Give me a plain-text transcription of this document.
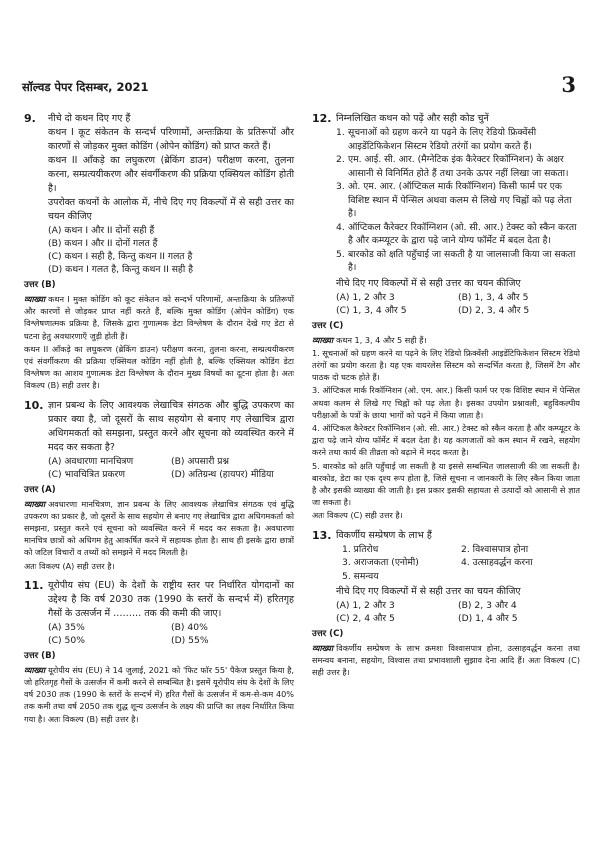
सॉल्वड पेपर दिसम्बर, 2021	3
9. नीचे दो कथन दिए गए हैं

कथन I कूट संकेतन के सन्दर्भ परिणामों, अन्तःक्रिया के प्रतिरूपों और कारणों से जोड़कर मुक्त कोडिंग (ओपेन कोडिंग) को प्राप्त करते हैं।

कथन II आँकड़े का लघुकरण (ब्रेकिंग डाउन) परीक्षण करना, तुलना करना, सम्प्रत्ययीकरण और संवर्गीकरण की प्रक्रिया एक्सियल कोडिंग होती है।

उपरोक्त कथनों के आलोक में, नीचे दिए गए विकल्पों में से सही उत्तर का चयन कीजिए

(A) कथन I और II दोनों सही हैं
(B) कथन I और II दोनों गलत हैं
(C) कथन I सही है, किन्तु कथन II गलत है
(D) कथन I गलत है, किन्तु कथन II सही है
उत्तर (B)

व्याख्या कथन I मुक्त कोडिंग को कूट संकेतन को सन्दर्भ परिणामों, अन्तःक्रिया के प्रतिरूपों और कारणों से जोड़कर प्राप्त नहीं करते हैं, बल्कि मुक्त कोडिंग (ओपेन कोडिंग) एक विश्लेषणात्मक प्रक्रिया है, जिसके द्वारा गुणात्मक डेटा विश्लेषण के दौरान देखे गए डेटा से घटना हेतु अवधारणाएँ जुड़ी होती हैं।

कथन II आँकड़े का लघुकरण (ब्रेकिंग डाउन) परीक्षण करना, तुलना करना, सम्प्रत्ययीकरण एवं संवर्गीकरण की प्रक्रिया एक्सियल कोडिंग नहीं होती है, बल्कि एक्सियल कोडिंग डेटा विश्लेषण का आशय गुणात्मक डेटा विश्लेषण के दौरान मुख्य विषयों का दूटना होता है। अतः विकल्प (B) सही उत्तर है।

10. ज्ञान प्रबन्ध के लिए आवश्यक लेखाचित्र संगठक और बुद्धि उपकरण का प्रकार क्या है, जो दूसरों के साथ सहयोग से बनाए गए लेखाचित्र द्वारा अधिगमकर्ता को समझना, प्रस्तुत करने और सूचना को व्यवस्थित करने में मदद कर सकता है?

(A) अवधारणा मानचित्रण	(B) अपसारी प्रश्न
(C) भावचित्रित प्रकरण	(D) अतिग्रन्थ (हायपर) मीडिया
उत्तर (A)

व्याख्या अवधारणा मानचित्रण, ज्ञान प्रबन्ध के लिए आवश्यक लेखाचित्र संगठक एवं बुद्धि उपकरण का प्रकार है, जो दूसरों के साथ सहयोग से बनाए गए लेखाचित्र द्वारा अधिगमकर्ता को समझना, प्रस्तुत करने एवं सूचना को व्यवस्थित करने में मदद कर सकता है। अवधारणा मानचित्र छात्रों को अधिगम हेतु आकर्षित करने में सहायक होता है। साथ ही इसके द्वारा छात्रों को जटिल विचारों व तथ्यों को समझने में मदद मिलती है।

अतः विकल्प (A) सही उत्तर है।

11. यूरोपीय संघ (EU) के देशों के राष्ट्रीय स्तर पर निर्धारित योगदानों का उद्देश्य है कि वर्ष 2030 तक (1990 के स्तरों के सन्दर्भ में) हरितगृह गैसों के उत्सर्जन में ……… तक की कमी की जाए।

(A) 35%	(B) 40%
(C) 50%	(D) 55%
उत्तर (B)

व्याख्या यूरोपीय संघ (EU) ने 14 जुलाई, 2021 को 'फिट फॉर 55' पैकेज प्रस्तुत किया है, जो हरितगृह गैसों के उत्सर्जन में कमी करने से सम्बन्धित है। इसमें यूरोपीय संघ के देशों के लिए वर्ष 2030 तक (1990 के स्तरों के सन्दर्भ में) हरित गैसों के उत्सर्जन में कम-से-कम 40% तक कमी तथा वर्ष 2050 तक शुद्ध शून्य उत्सर्जन के लक्ष्य की प्राप्ति का लक्ष्य निर्धारित किया गया है। अतः विकल्प (B) सही उत्तर है।

12. निम्नलिखित कथन को पढ़ें और सही कोड चुनें

1. सूचनाओं को ग्रहण करने या पढ़ने के लिए रेडियो फ्रिक्वेंसी आइडेंटिफिकेशन सिस्टम रेडियो तरंगों का प्रयोग करते हैं।
2. एम. आई. सी. आर. (मैग्नेटिक इंक कैरेक्टर रिकॉग्निशन) के अक्षर आसानी से विनिर्मित होते हैं तथा उनके ऊपर नहीं लिखा जा सकता।
3. ओ. एम. आर. (ऑप्टिकल मार्क रिकॉग्निशन) किसी फार्म पर एक विशिष्ट स्थान में पेन्सिल अथवा कलम से लिखे गए चिह्नों को पढ़ लेता है।
4. ऑप्टिकल कैरेक्टर रिकॉग्निशन (ओ. सी. आर.) टेक्स्ट को स्कैन करता है और कम्प्यूटर के द्वारा पढ़े जाने योग्य फॉर्मेट में बदल देता है।
5. बारकोड को क्षति पहुँचाई जा सकती है या जालसाजी किया जा सकता है।

नीचे दिए गए विकल्पों में से सही उत्तर का चयन कीजिए

(A) 1, 2 और 3	(B) 1, 3, 4 और 5
(C) 1, 3, 4 और 5	(D) 2, 3, 4 और 5
उत्तर (C)

व्याख्या कथन 1, 3, 4 और 5 सही हैं।

1. सूचनाओं को ग्रहण करने या पढ़ने के लिए रेडियो फ्रिक्वेंसी आइडेंटिफिकेशन सिस्टम रेडियो तरंगों का प्रयोग करता है। यह एक वायरलेस सिस्टम को सन्दर्भित करता है, जिसमें टैग और पाठक दो घटक होते हैं।

3. ऑप्टिकल मार्क रिकॉग्निशन (ओ. एम. आर.) किसी फार्म पर एक विशिष्ट स्थान में पेन्सिल अथवा कलम से लिखे गए चिह्नों को पढ़ लेता है। इसका उपयोग प्रश्नावली, बहुविकल्पीय परीक्षाओं के पत्रों के छाया भागों को पढ़ने में किया जाता है।

4. ऑप्टिकल कैरेक्टर रिकॉग्निशन (ओ. सी. आर.) टेक्स्ट को स्कैन करता है और कम्प्यूटर के द्वारा पढ़े जाने योग्य फॉर्मेट में बदल देता है। यह कागजातों को कम स्थान में रखने, सहयोग करने तथा कार्य की तीव्रता को बढ़ाने में मदद करता है।

5. बारकोड को क्षति पहुँचाई जा सकती है या इससे सम्बन्धित जालसाजी की जा सकती है। बारकोड, डेटा का एक दृश्य रूप होता है, जिसे सूचना न जानकारी के लिए स्कैन किया जाता है और इसकी व्याख्या की जाती है। इस प्रकार इसकी सहायता से उत्पादों को आसानी से ज्ञात जा सकता है।

अतः विकल्प (C) सही उत्तर है।

13. विकर्णीय सम्प्रेषण के लाभ हैं

1. प्रतिरोध	2. विश्वासपात्र होना
3. अराजकता (एनोमी)	4. उत्साहवर्द्धन करना
5. समन्वय

नीचे दिए गए विकल्पों में से सही उत्तर का चयन कीजिए

(A) 1, 2 और 3	(B) 2, 3 और 4
(C) 2, 4 और 5	(D) 1, 4 और 5
उत्तर (C)

व्याख्या विकर्णीय सम्प्रेषण के लाभ क्रमशः विश्वासपात्र होना, उत्साहवर्द्धन करना तथा समन्वय बनाना, सहयोग, विश्वास तथा प्रभावशाली सुझाव देना आदि हैं। अतः विकल्प (C) सही उत्तर है।
